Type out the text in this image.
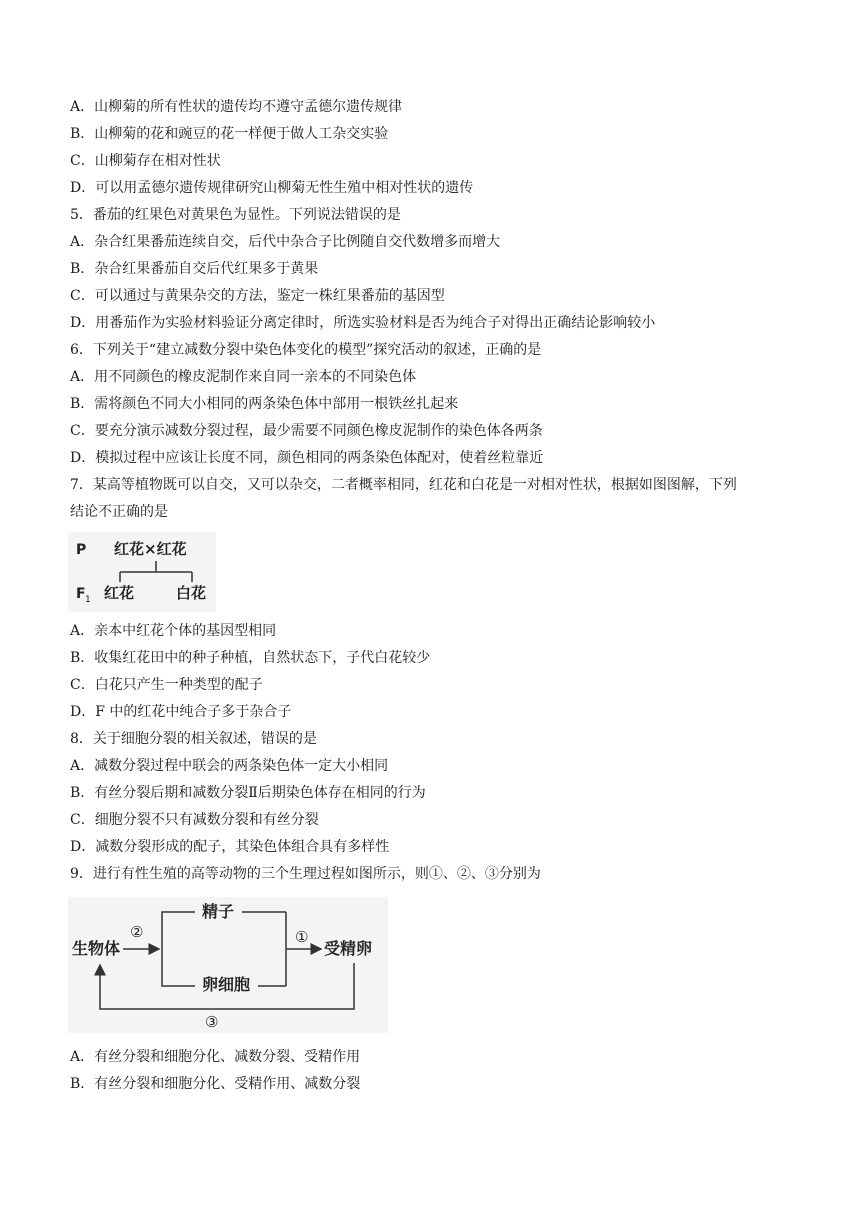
A．山柳菊的所有性状的遗传均不遵守孟德尔遗传规律
B．山柳菊的花和豌豆的花一样便于做人工杂交实验
C．山柳菊存在相对性状
D．可以用孟德尔遗传规律研究山柳菊无性生殖中相对性状的遗传
5．番茄的红果色对黄果色为显性。下列说法错误的是
A．杂合红果番茄连续自交，后代中杂合子比例随自交代数增多而增大
B．杂合红果番茄自交后代红果多于黄果
C．可以通过与黄果杂交的方法，鉴定一株红果番茄的基因型
D．用番茄作为实验材料验证分离定律时，所选实验材料是否为纯合子对得出正确结论影响较小
6．下列关于“建立减数分裂中染色体变化的模型”探究活动的叙述，正确的是
A．用不同颜色的橡皮泥制作来自同一亲本的不同染色体
B．需将颜色不同大小相同的两条染色体中部用一根铁丝扎起来
C．要充分演示减数分裂过程，最少需要不同颜色橡皮泥制作的染色体各两条
D．模拟过程中应该让长度不同，颜色相同的两条染色体配对，使着丝粒靠近
7．某高等植物既可以自交，又可以杂交，二者概率相同，红花和白花是一对相对性状，根据如图图解，下列
结论不正确的是
P 红花×红花
F 1 红花	白花
A．亲本中红花个体的基因型相同
B．收集红花田中的种子种植，自然状态下，子代白花较少
C．白花只产生一种类型的配子
D．F 中的红花中纯合子多于杂合子
8．关于细胞分裂的相关叙述，错误的是
A．减数分裂过程中联会的两条染色体一定大小相同
B．有丝分裂后期和减数分裂Ⅱ后期染色体存在相同的行为
C．细胞分裂不只有减数分裂和有丝分裂
D．减数分裂形成的配子，其染色体组合具有多样性
9．进行有性生殖的高等动物的三个生理过程如图所示，则①、②、③分别为
生物体
②
精子
卵细胞
①
受精卵
③
A．有丝分裂和细胞分化、减数分裂、受精作用
B．有丝分裂和细胞分化、受精作用、减数分裂
